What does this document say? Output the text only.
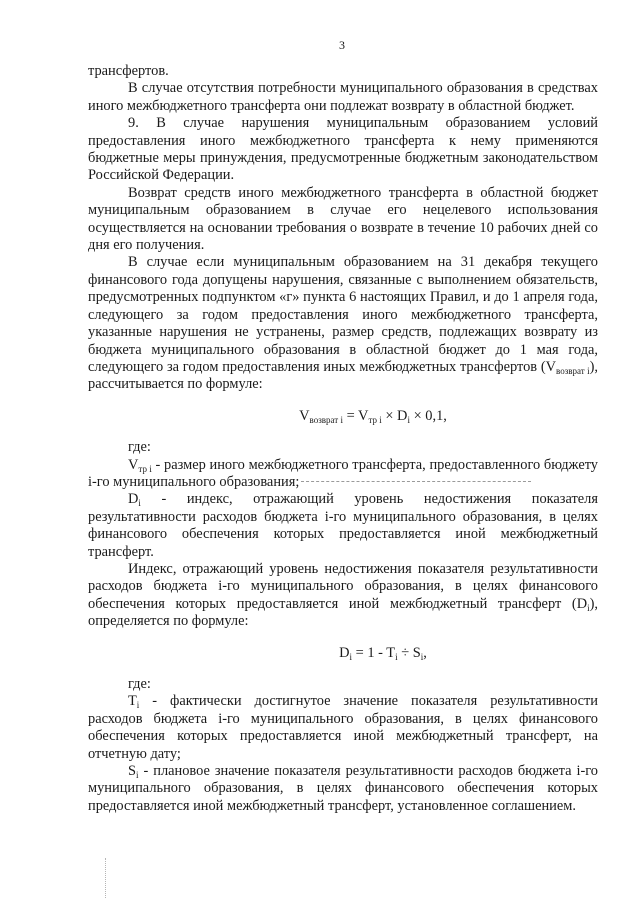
3

трансфертов.

В случае отсутствия потребности муниципального образования в средствах иного межбюджетного трансферта они подлежат возврату в областной бюджет.

9. В случае нарушения муниципальным образованием условий предоставления иного межбюджетного трансферта к нему применяются бюджетные меры принуждения, предусмотренные бюджетным законодательством Российской Федерации.

Возврат средств иного межбюджетного трансферта в областной бюджет муниципальным образованием в случае его нецелевого использования осуществляется на основании требования о возврате в течение 10 рабочих дней со дня его получения.

В случае если муниципальным образованием на 31 декабря текущего финансового года допущены нарушения, связанные с выполнением обязательств, предусмотренных подпунктом «г» пункта 6 настоящих Правил, и до 1 апреля года, следующего за годом предоставления иного межбюджетного трансферта, указанные нарушения не устранены, размер средств, подлежащих возврату из бюджета муниципального образования в областной бюджет до 1 мая года, следующего за годом предоставления иных межбюджетных трансфертов $(V_{возврат i})$, рассчитывается по формуле:

$V_{возврат i} = V_{тр i} \times D_i \times 0,1$,

где:

$V_{тр i}$ - размер иного межбюджетного трансферта, предоставленного бюджету i-го муниципального образования;

$D_i$ - индекс, отражающий уровень недостижения показателя результативности расходов бюджета i-го муниципального образования, в целях финансового обеспечения которых предоставляется иной межбюджетный трансферт.

Индекс, отражающий уровень недостижения показателя результативности расходов бюджета i-го муниципального образования, в целях финансового обеспечения которых предоставляется иной межбюджетный трансферт $(D_i)$, определяется по формуле:

$D_i = 1 - T_i \div S_i$,

где:

$T_i$ - фактически достигнутое значение показателя результативности расходов бюджета i-го муниципального образования, в целях финансового обеспечения которых предоставляется иной межбюджетный трансферт, на отчетную дату;

$S_i$ - плановое значение показателя результативности расходов бюджета i-го муниципального образования, в целях финансового обеспечения которых предоставляется иной межбюджетный трансферт, установленное соглашением.
